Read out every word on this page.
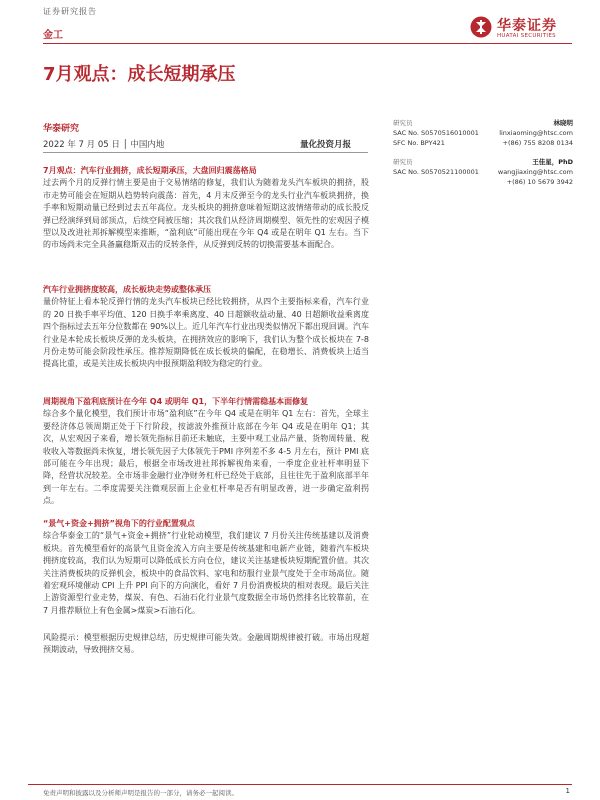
证券研究报告
金工
华泰证券
HUATAI SECURITIES
7月观点：成长短期承压
华泰研究
2022 年 7 月 05 日 │ 中国内地	量化投资月报
研究员	林晓明
SAC No. S0570516010001	linxiaoming@htsc.com
SFC No. BPY421	+(86) 755 8208 0134
研究员	王佳星，PhD
SAC No. S0570521100001	wangjiaxing@htsc.com
+(86) 10 5679 3942
7月观点：汽车行业拥挤，成长短期承压，大盘回归震荡格局

过去两个月的反弹行情主要是由于交易情绪的修复，我们认为随着龙头汽车板块的拥挤，股市走势可能会在短期从趋势转向震荡：首先，4 月末反弹至今的龙头行业汽车板块拥挤，换手率和短期动量已经到过去五年高位。龙头板块的拥挤意味着短期这波情绪带动的成长股反弹已经演绎到局部顶点，后续空间被压缩；其次我们从经济周期模型、领先性的宏观因子模型以及改进社邦拆解模型来推断，“盈利底”可能出现在今年 Q4 或是在明年 Q1 左右。当下的市场尚未完全具备赢稳斯双击的反转条件，从反弹到反转的切换需要基本面配合。

汽车行业拥挤度较高，成长板块走势或整体承压

量价特征上看本轮反弹行情的龙头汽车板块已经比较拥挤，从四个主要指标来看，汽车行业的 20 日换手率平均值、120 日换手率乘离度、40 日超额收益动量、40 日超额收益乘离度四个指标过去五年分位数都在 90%以上。近几年汽车行业出现类似情况下都出现回调。汽车行业是本轮成长板块反弹的龙头板块，在拥挤效应的影响下，我们认为整个成长板块在 7-8 月份走势可能会阶段性承压。推荐短期降低在成长板块的偏配，在稳增长、消费板块上适当提高比重，或是关注成长板块内中报预期盈利较为稳定的行业。

周期视角下盈利底预计在今年 Q4 或明年 Q1，下半年行情需稳基本面修复

综合多个量化模型，我们预计市场“盈利底”在今年 Q4 或是在明年 Q1 左右：首先，全球主要经济体总领周期正处于下行阶段，按滤波外推预计底部在今年 Q4 或是在明年 Q1；其次，从宏观因子来看，增长领先指标目前还未触底，主要中观工业品产量、货物周转量、税收收入等数据尚未恢复，增长领先因子大体领先于PMI 序列差不多 4-5 月左右，预计 PMI 底部可能在今年出现；最后，根据全市场改进社邦拆解视角来看，一季度企业社杆率明显下降，经营状况较差。全市场非金融行业净财务杠杆已经处于底部，且往往先于盈利底部半年到一年左右。二季度需要关注微观层面上企业杠杆率是否有明显改善，进一步确定盈利拐点。

“景气+资金+拥挤”视角下的行业配置观点

综合华泰金工的“景气+资金+拥挤”行业轮动模型，我们建议 7 月份关注传统基建以及消费板块。首先模型看好的高景气且资金流入方向主要是传统基建和电新产业链，随着汽车板块拥挤度较高，我们认为短期可以降低成长方向仓位，建议关注基建板块短期配置价值。其次关注消费板块的反弹机会，板块中的食品饮料、家电和纺服行业景气度处于全市场高位。随着宏观环境催动 CPI 上升 PPI 向下的方向演化，看好 7 月份消费板块的相对表现。最后关注上游资源型行业走势，煤炭、有色、石油石化行业景气度数据全市场仍然排名比较靠前，在 7 月推荐顺位上有色金属>煤炭>石油石化。

风险提示：模型根据历史规律总结，历史规律可能失效。金融周期规律被打破。市场出现超预期波动，导致拥挤交易。

免责声明和披露以及分析师声明是报告的一部分，请务必一起阅读。	1
